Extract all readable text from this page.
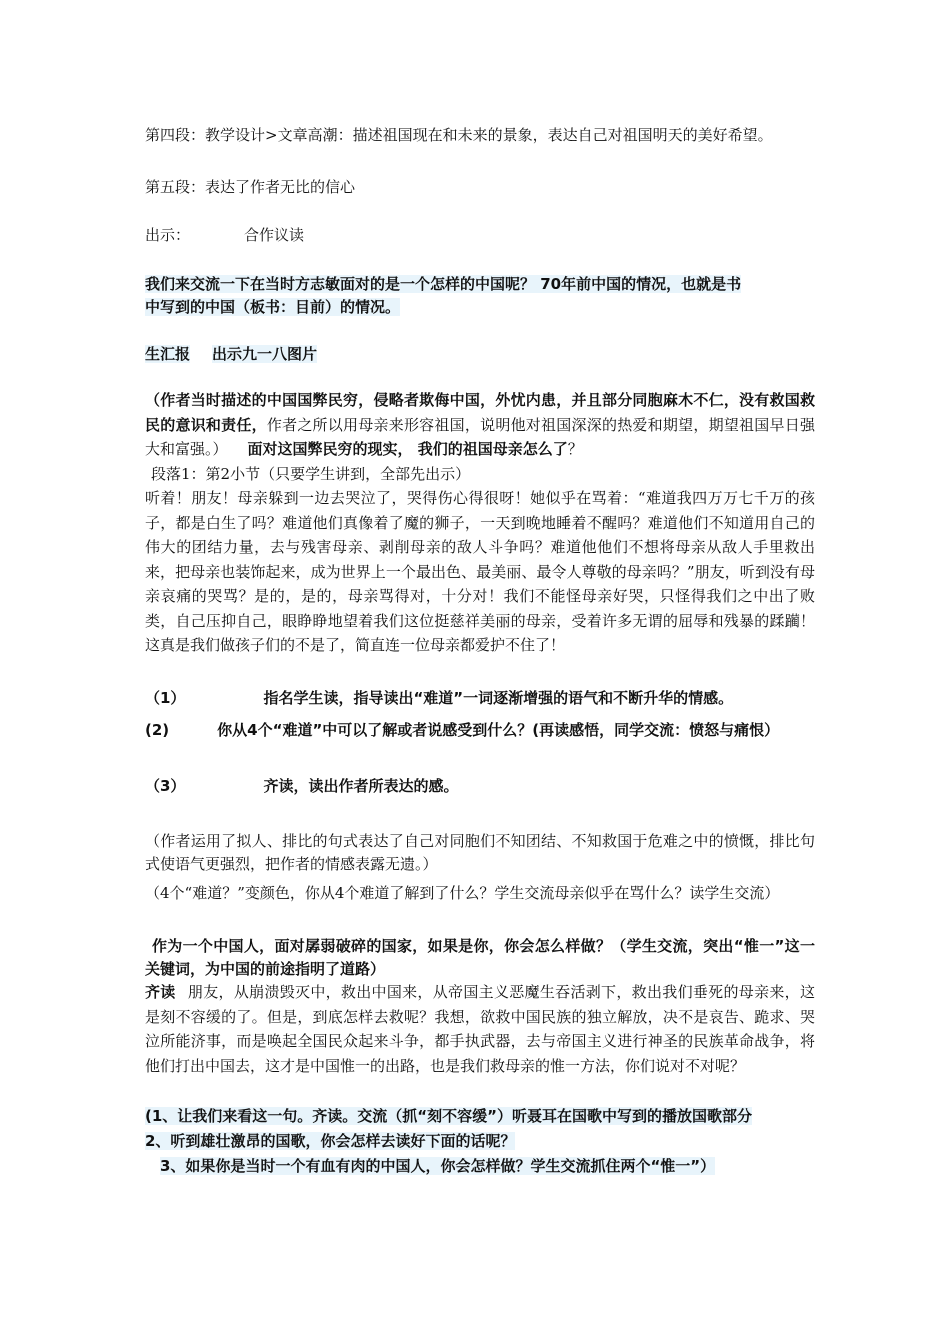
第四段：教学设计>文章高潮：描述祖国现在和未来的景象，表达自己对祖国明天的美好希望。
第五段：表达了作者无比的信心
出示：	合作议读
我们来交流一下在当时方志敏面对的是一个怎样的中国呢？ 70年前中国的情况，也就是书
中写到的中国（板书：目前）的情况。
生汇报 出示九一八图片
（作者当时描述的中国国弊民穷，侵略者欺侮中国，外忧内患，并且部分同胞麻木不仁，没有救国救民的意识和责任，作者之所以用母亲来形容祖国，说明他对祖国深深的热爱和期望，期望祖国早日强大和富强。） 面对这国弊民穷的现实， 我们的祖国母亲怎么了？
段落1：第2小节（只要学生讲到，全部先出示）
听着！朋友！母亲躲到一边去哭泣了，哭得伤心得很呀！她似乎在骂着：“难道我四万万七千万的孩子，都是白生了吗？难道他们真像着了魔的狮子，一天到晚地睡着不醒吗？难道他们不知道用自己的伟大的团结力量，去与残害母亲、剥削母亲的敌人斗争吗？难道他他们不想将母亲从敌人手里救出来，把母亲也装饰起来，成为世界上一个最出色、最美丽、最令人尊敬的母亲吗？”朋友，听到没有母亲哀痛的哭骂？是的，是的，母亲骂得对，十分对！我们不能怪母亲好哭，只怪得我们之中出了败类，自己压抑自己，眼睁睁地望着我们这位挺慈祥美丽的母亲，受着许多无谓的屈辱和残暴的蹂躏！这真是我们做孩子们的不是了，简直连一位母亲都爱护不住了！
（1）	指名学生读，指导读出“难道”一词逐渐增强的语气和不断升华的情感。
(2)	你从4个“难道”中可以了解或者说感受到什么？(再读感悟，同学交流：愤怒与痛恨）
（3）	齐读，读出作者所表达的感。
（作者运用了拟人、排比的句式表达了自己对同胞们不知团结、不知救国于危难之中的愤慨，排比句式使语气更强烈，把作者的情感表露无遗。）
（4个“难道？”变颜色，你从4个难道了解到了什么？学生交流母亲似乎在骂什么？读学生交流）
作为一个中国人，面对孱弱破碎的国家，如果是你，你会怎么样做？（学生交流，突出“惟一”这一关键词，为中国的前途指明了道路）
齐读 朋友，从崩溃毁灭中，救出中国来，从帝国主义恶魔生吞活剥下，救出我们垂死的母亲来，这是刻不容缓的了。但是，到底怎样去救呢？我想，欲救中国民族的独立解放，决不是哀告、跪求、哭泣所能济事，而是唤起全国民众起来斗争，都手执武器，去与帝国主义进行神圣的民族革命战争，将他们打出中国去，这才是中国惟一的出路，也是我们救母亲的惟一方法，你们说对不对呢？
(1、让我们来看这一句。齐读。交流（抓“刻不容缓”）听聂耳在国歌中写到的播放国歌部分
2、听到雄壮激昂的国歌，你会怎样去读好下面的话呢？
3、如果你是当时一个有血有肉的中国人，你会怎样做？学生交流抓住两个“惟一”）
